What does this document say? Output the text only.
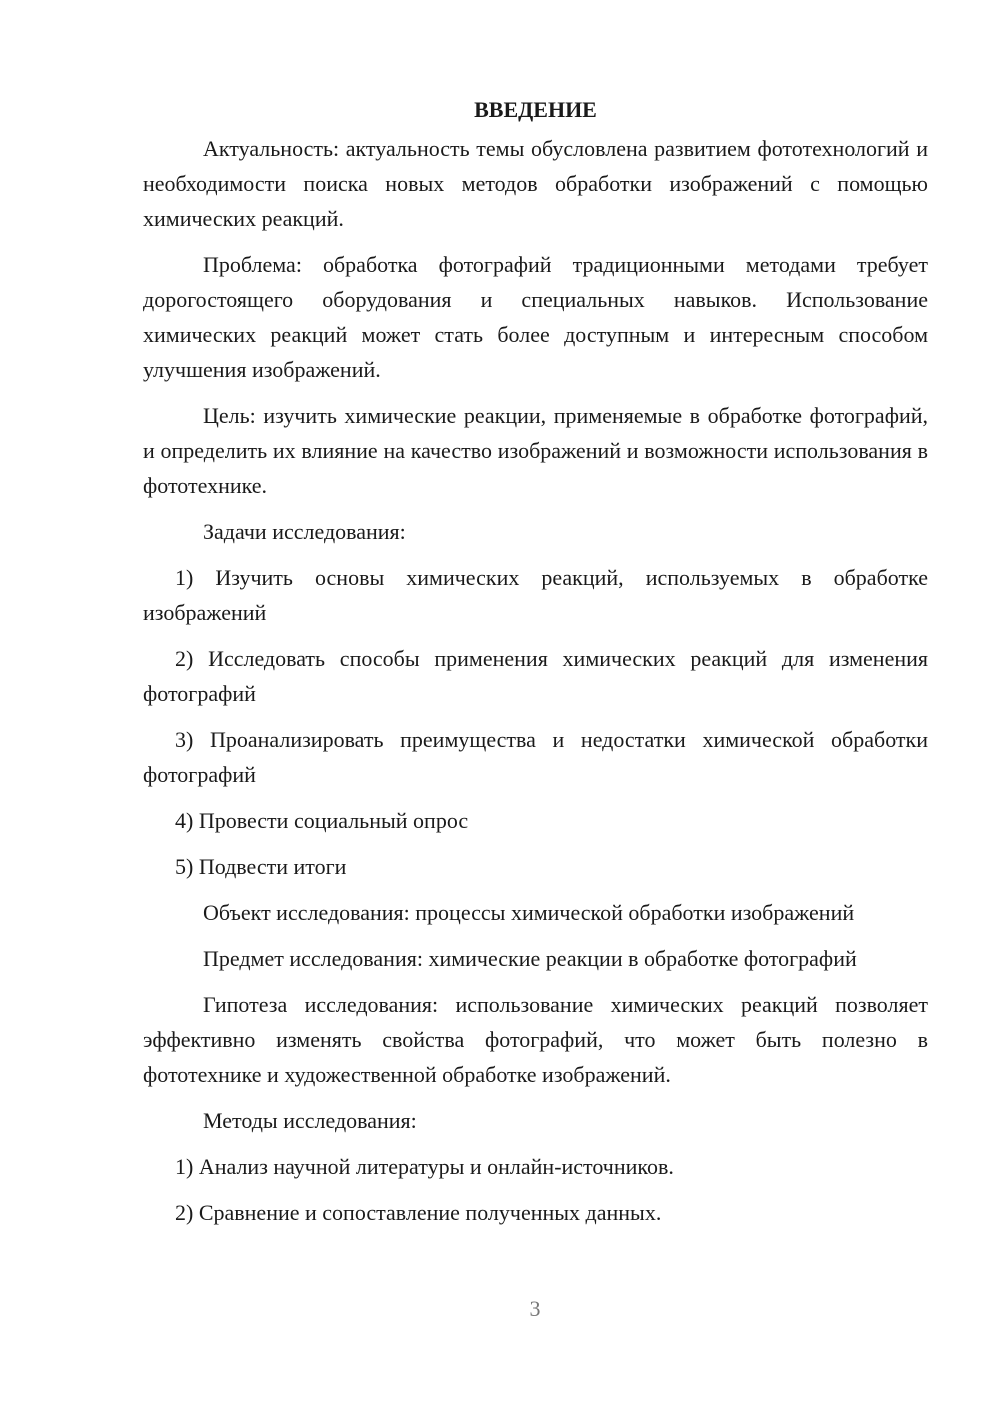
ВВЕДЕНИЕ

Актуальность: актуальность темы обусловлена развитием фототехнологий и необходимости поиска новых методов обработки изображений с помощью химических реакций.

Проблема: обработка фотографий традиционными методами требует дорогостоящего оборудования и специальных навыков. Использование химических реакций может стать более доступным и интересным способом улучшения изображений.

Цель: изучить химические реакции, применяемые в обработке фотографий, и определить их влияние на качество изображений и возможности использования в фототехнике.

Задачи исследования:

1) Изучить основы химических реакций, используемых в обработке изображений

2) Исследовать способы применения химических реакций для изменения фотографий

3) Проанализировать преимущества и недостатки химической обработки фотографий

4) Провести социальный опрос

5) Подвести итоги

Объект исследования: процессы химической обработки изображений

Предмет исследования: химические реакции в обработке фотографий

Гипотеза исследования: использование химических реакций позволяет эффективно изменять свойства фотографий, что может быть полезно в фототехнике и художественной обработке изображений.

Методы исследования:

1) Анализ научной литературы и онлайн-источников.

2) Сравнение и сопоставление полученных данных.

3
